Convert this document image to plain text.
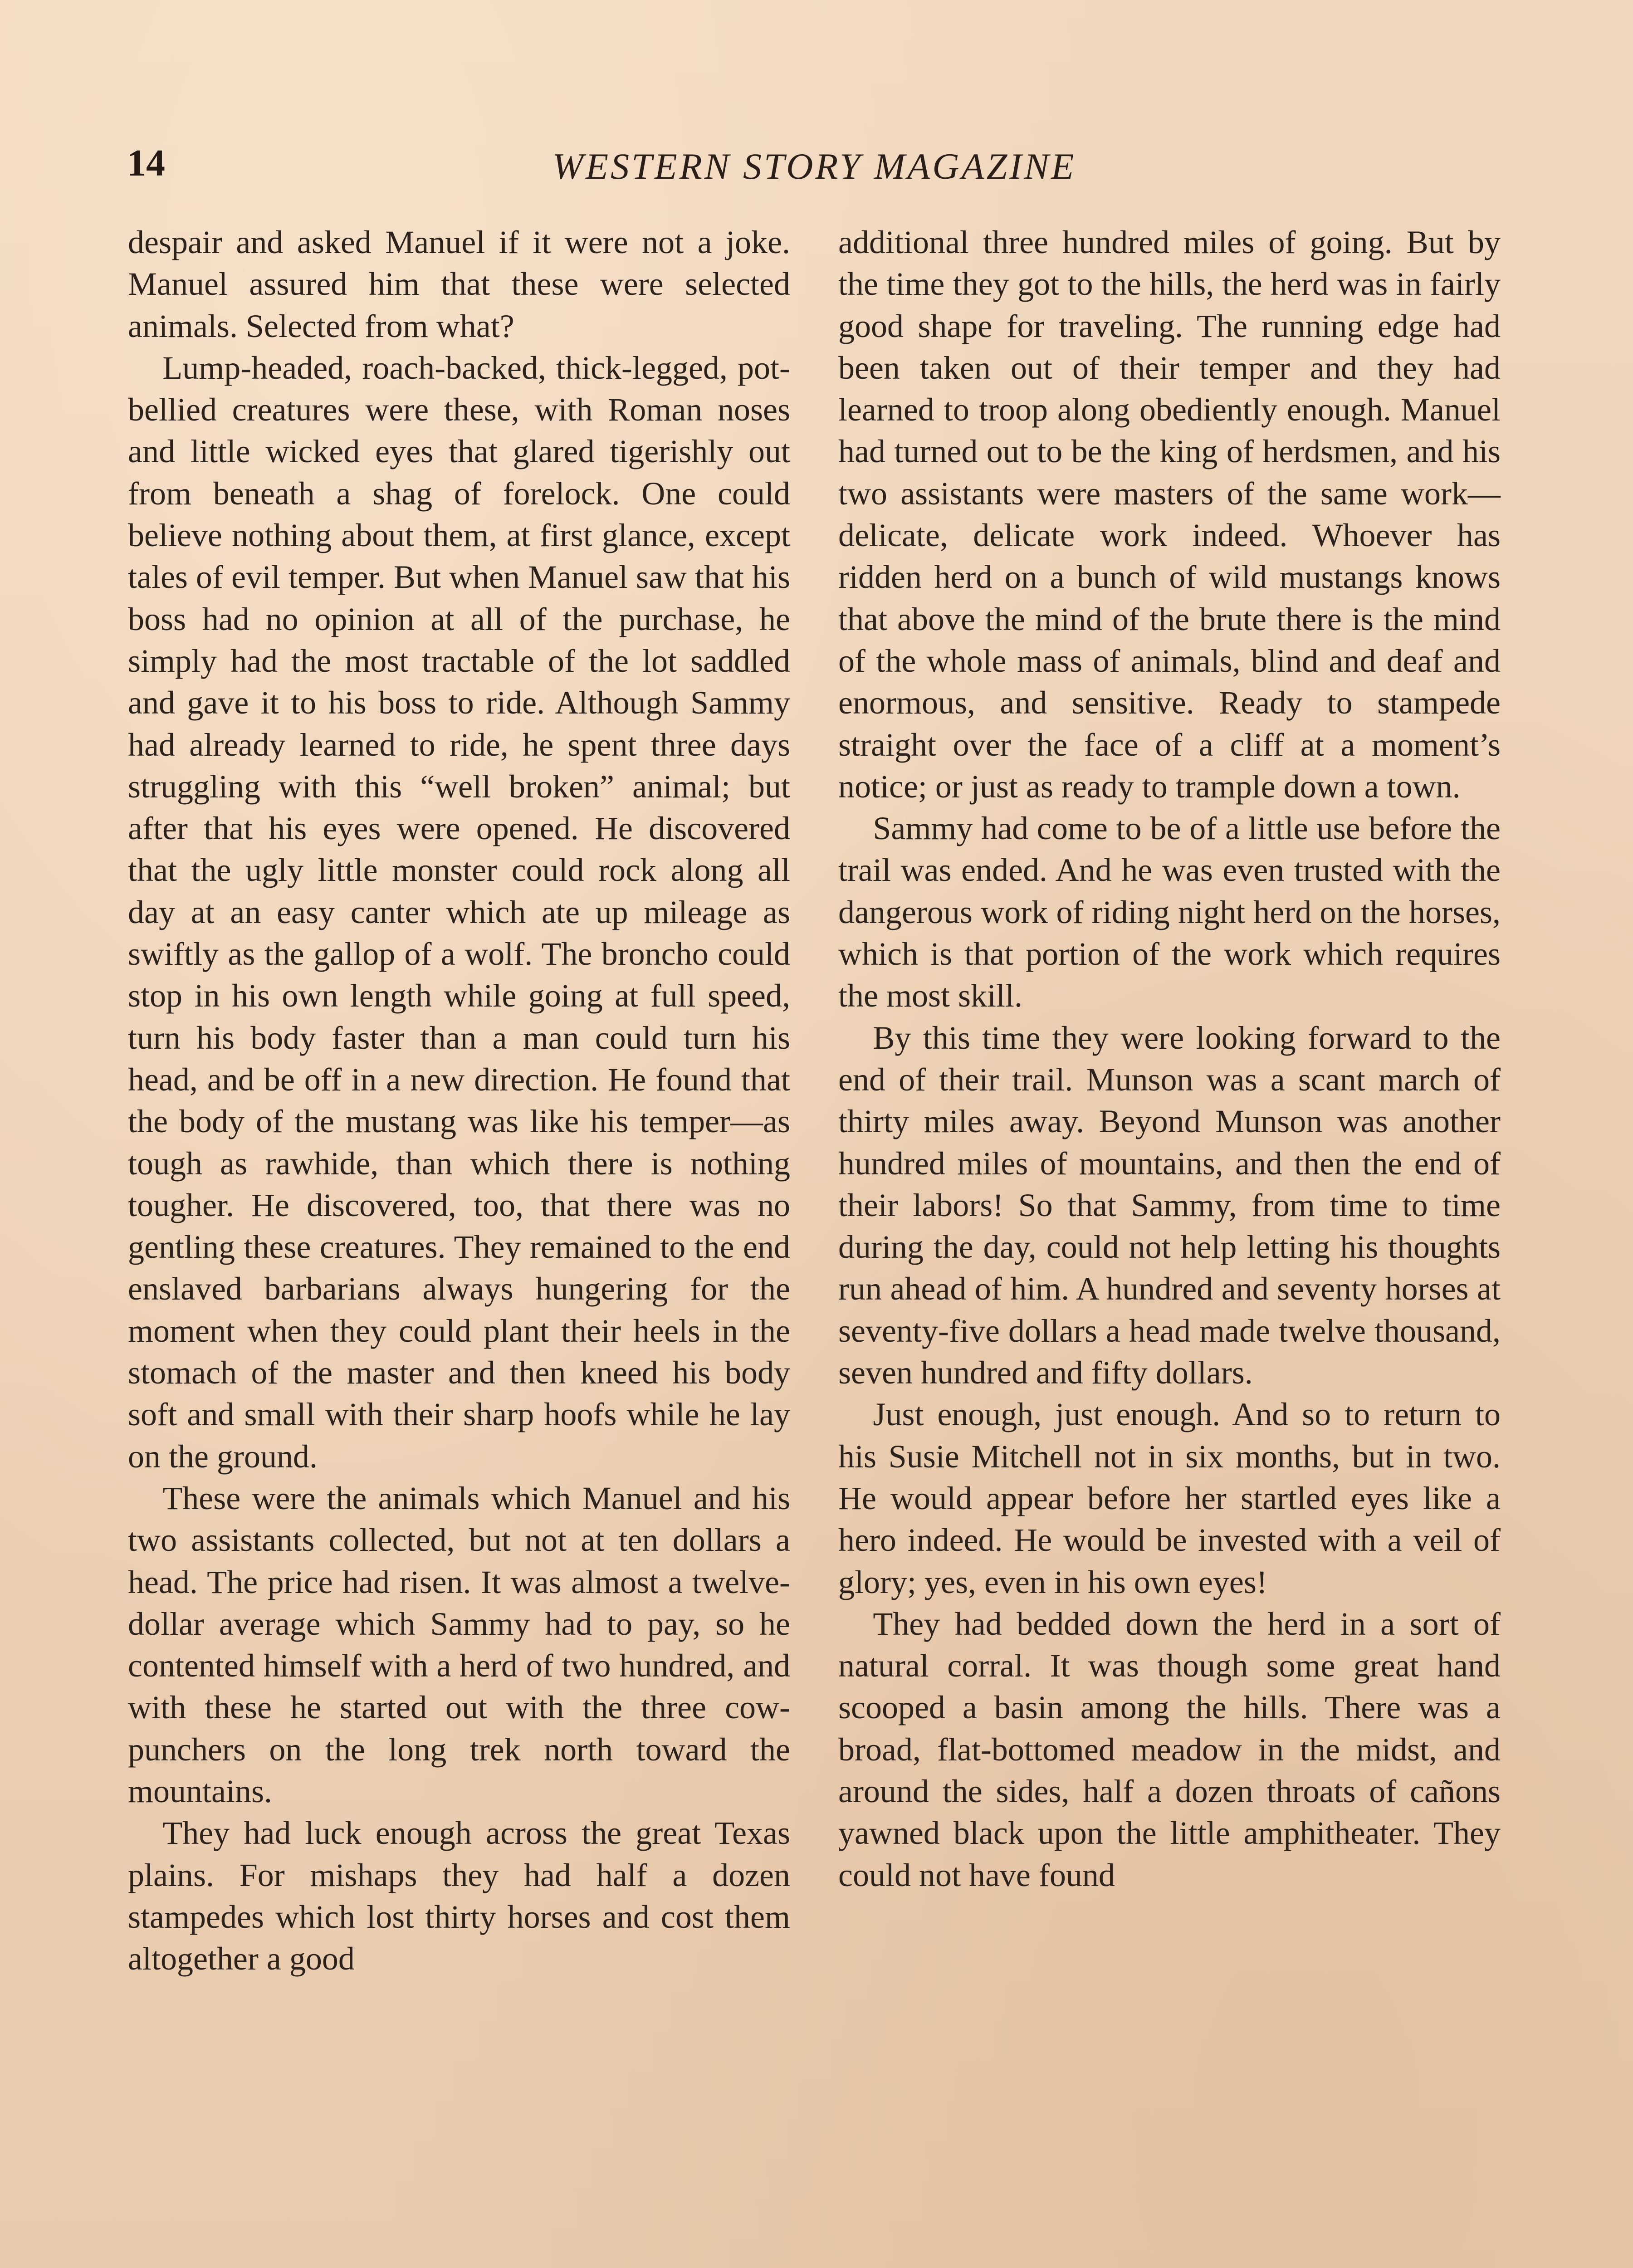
14	WESTERN STORY MAGAZINE

despair and asked Manuel if it were not a joke. Manuel assured him that these were selected animals. Selected from what?

Lump-headed, roach-backed, thick-legged, pot-bellied creatures were these, with Roman noses and little wicked eyes that glared tigerishly out from beneath a shag of forelock. One could believe nothing about them, at first glance, except tales of evil temper. But when Manuel saw that his boss had no opinion at all of the purchase, he simply had the most tractable of the lot saddled and gave it to his boss to ride. Although Sammy had already learned to ride, he spent three days struggling with this “well broken” animal; but after that his eyes were opened. He discovered that the ugly little monster could rock along all day at an easy canter which ate up mileage as swiftly as the gallop of a wolf. The broncho could stop in his own length while going at full speed, turn his body faster than a man could turn his head, and be off in a new direction. He found that the body of the mustang was like his temper—as tough as rawhide, than which there is nothing tougher. He discovered, too, that there was no gentling these creatures. They remained to the end enslaved barbarians always hungering for the moment when they could plant their heels in the stomach of the master and then kneed his body soft and small with their sharp hoofs while he lay on the ground.

These were the animals which Manuel and his two assistants collected, but not at ten dollars a head. The price had risen. It was almost a twelve-dollar average which Sammy had to pay, so he contented himself with a herd of two hundred, and with these he started out with the three cow-punchers on the long trek north toward the mountains.

They had luck enough across the great Texas plains. For mishaps they had half a dozen stampedes which lost thirty horses and cost them altogether a good

additional three hundred miles of going. But by the time they got to the hills, the herd was in fairly good shape for traveling. The running edge had been taken out of their temper and they had learned to troop along obediently enough. Manuel had turned out to be the king of herdsmen, and his two assistants were masters of the same work—delicate, delicate work indeed. Whoever has ridden herd on a bunch of wild mustangs knows that above the mind of the brute there is the mind of the whole mass of animals, blind and deaf and enormous, and sensitive. Ready to stampede straight over the face of a cliff at a moment’s notice; or just as ready to trample down a town.

Sammy had come to be of a little use before the trail was ended. And he was even trusted with the dangerous work of riding night herd on the horses, which is that portion of the work which requires the most skill.

By this time they were looking forward to the end of their trail. Munson was a scant march of thirty miles away. Beyond Munson was another hundred miles of mountains, and then the end of their labors! So that Sammy, from time to time during the day, could not help letting his thoughts run ahead of him. A hundred and seventy horses at seventy-five dollars a head made twelve thousand, seven hundred and fifty dollars.

Just enough, just enough. And so to return to his Susie Mitchell not in six months, but in two. He would appear before her startled eyes like a hero indeed. He would be invested with a veil of glory; yes, even in his own eyes!

They had bedded down the herd in a sort of natural corral. It was though some great hand scooped a basin among the hills. There was a broad, flat-bottomed meadow in the midst, and around the sides, half a dozen throats of cañons yawned black upon the little amphitheater. They could not have found
